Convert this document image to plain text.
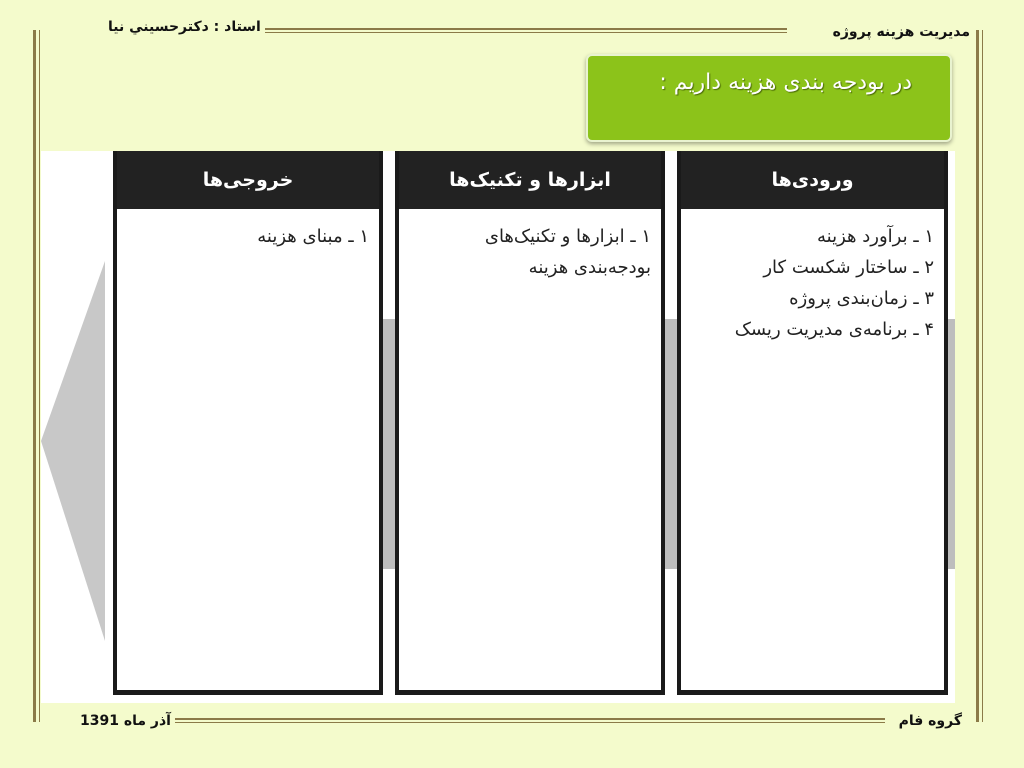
مديريت هزينه پروژه
استاد : دکترحسيني نيا
گروه فام
آذر ماه 1391
در بودجه بندی هزینه داریم :
خروجی‌ها
۱ ـ مبنای هزینه
ابزارها و تکنیک‌ها
۱ ـ ابزارها و تکنیک‌های بودجه‌بندی هزینه
ورودی‌ها
۱ ـ برآورد هزینه
۲ ـ ساختار شکست کار
۳ ـ زمان‌بندی پروژه
۴ ـ برنامه‌ی مدیریت ریسک
